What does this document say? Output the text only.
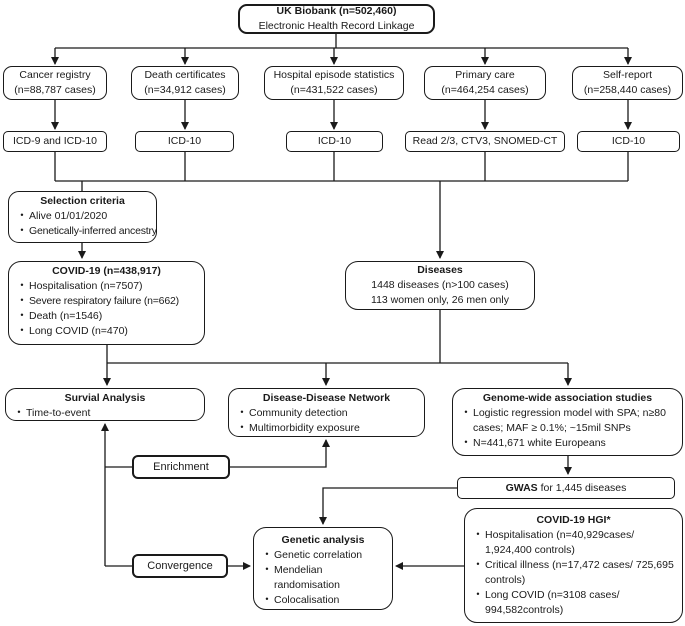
UK Biobank (n=502,460)
Electronic Health Record Linkage
Cancer registry
(n=88,787 cases)
Death certificates
(n=34,912 cases)
Hospital episode statistics
(n=431,522 cases)
Primary care
(n=464,254 cases)
Self-report
(n=258,440 cases)
ICD-9 and ICD-10	ICD-10	ICD-10	Read 2/3, CTV3, SNOMED-CT	ICD-10
Selection criteria
•
Alive 01/01/2020
•
Genetically-inferred ancestry
COVID-19 (n=438,917)
•
Hospitalisation (n=7507)
•
Severe respiratory failure (n=662)
•
Death (n=1546)
•
Long COVID (n=470)
Diseases
1448 diseases (n>100 cases)
113 women only, 26 men only
Survial Analysis
•
Time-to-event
Disease-Disease Network
•
Community detection
•
Multimorbidity exposure
Genome-wide association studies
•
Logistic regression model with SPA; n≥80 cases; MAF ≥ 0.1%; ~15mil SNPs
•
N=441,671 white Europeans
Enrichment
GWAS for 1,445 diseases
Convergence
Genetic analysis
•
Genetic correlation
•
Mendelian randomisation
•
Colocalisation
COVID-19 HGI*
•
Hospitalisation (n=40,929cases/ 1,924,400 controls)
•
Critical illness (n=17,472 cases/ 725,695 controls)
•
Long COVID (n=3108 cases/ 994,582controls)
